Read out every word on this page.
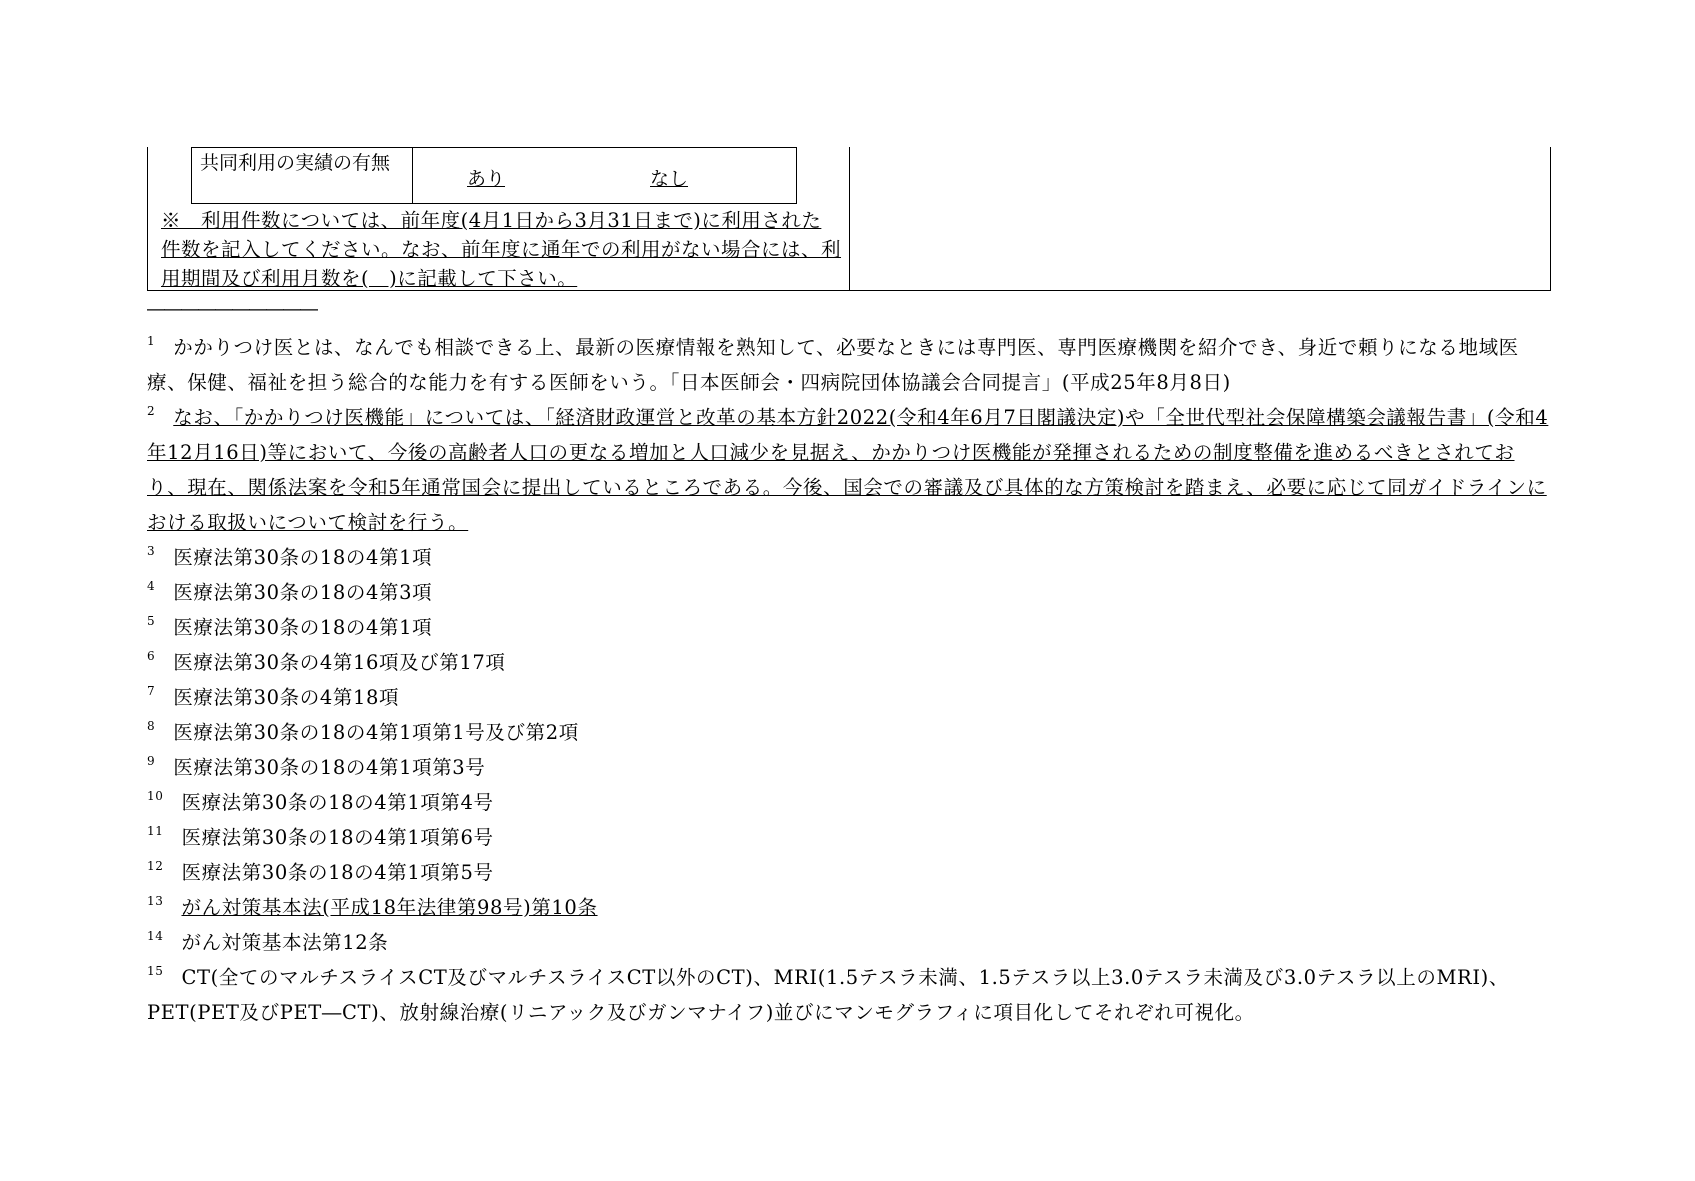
共同利用の実績の有無
あり	なし
※　利用件数については、前年度(4月1日から3月31日まで)に利用された件数を記入してください。なお、前年度に通年での利用がない場合には、利用期間及び利用月数を(　)に記載して下さい。
――――――――――
$^1$ かかりつけ医とは、なんでも相談できる上、最新の医療情報を熟知して、必要なときには専門医、専門医療機関を紹介でき、身近で頼りになる地域医療、保健、福祉を担う総合的な能力を有する医師をいう。「日本医師会・四病院団体協議会合同提言」(平成25年8月8日)
$^2$ なお、「かかりつけ医機能」については、「経済財政運営と改革の基本方針2022(令和4年6月7日閣議決定)や「全世代型社会保障構築会議報告書」(令和4年12月16日)等において、今後の高齢者人口の更なる増加と人口減少を見据え、かかりつけ医機能が発揮されるための制度整備を進めるべきとされており、現在、関係法案を令和5年通常国会に提出しているところである。今後、国会での審議及び具体的な方策検討を踏まえ、必要に応じて同ガイドラインにおける取扱いについて検討を行う。
$^3$ 医療法第30条の18の4第1項
$^4$ 医療法第30条の18の4第3項
$^5$ 医療法第30条の18の4第1項
$^6$ 医療法第30条の4第16項及び第17項
$^7$ 医療法第30条の4第18項
$^8$ 医療法第30条の18の4第1項第1号及び第2項
$^9$ 医療法第30条の18の4第1項第3号
$^{10}$ 医療法第30条の18の4第1項第4号
$^{11}$ 医療法第30条の18の4第1項第6号
$^{12}$ 医療法第30条の18の4第1項第5号
$^{13}$ がん対策基本法(平成18年法律第98号)第10条
$^{14}$ がん対策基本法第12条
$^{15}$ CT(全てのマルチスライスCT及びマルチスライスCT以外のCT)、MRI(1.5テスラ未満、1.5テスラ以上3.0テスラ未満及び3.0テスラ以上のMRI)、PET(PET及びPET―CT)、放射線治療(リニアック及びガンマナイフ)並びにマンモグラフィに項目化してそれぞれ可視化。
